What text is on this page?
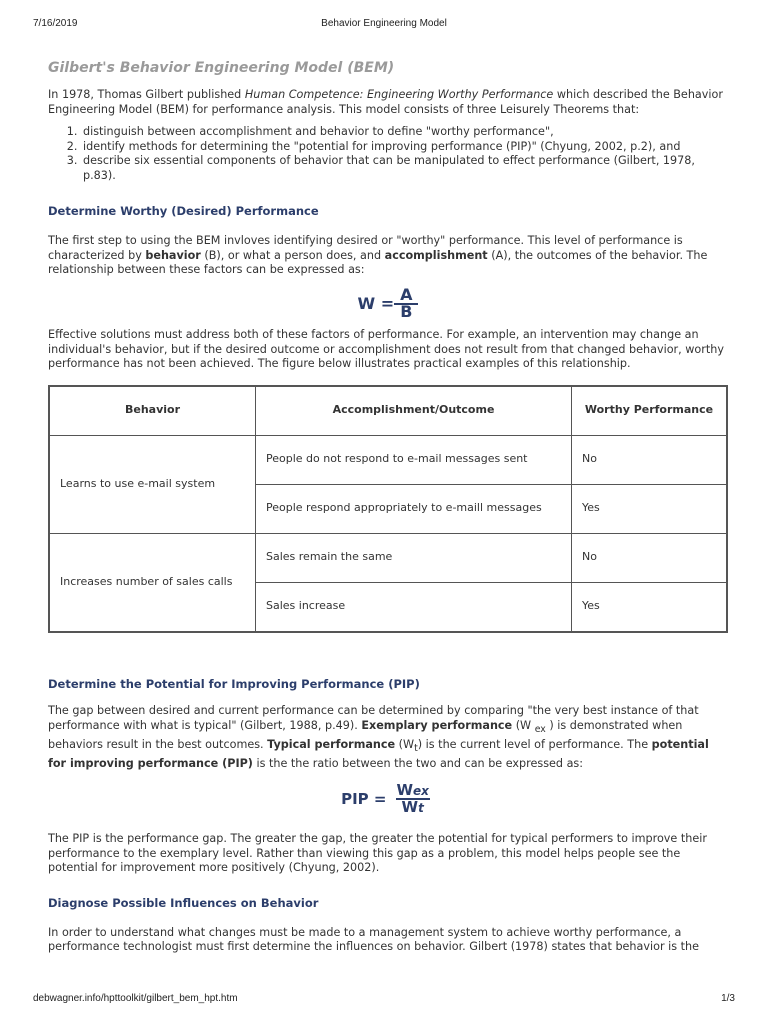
7/16/2019	Behavior Engineering Model
Gilbert's Behavior Engineering Model (BEM)

In 1978, Thomas Gilbert published Human Competence: Engineering Worthy Performance which described the Behavior Engineering Model (BEM) for performance analysis. This model consists of three Leisurely Theorems that:

1. distinguish between accomplishment and behavior to define "worthy performance",
2. identify methods for determining the "potential for improving performance (PIP)" (Chyung, 2002, p.2), and
3. describe six essential components of behavior that can be manipulated to effect performance (Gilbert, 1978, p.83).
Determine Worthy (Desired) Performance

The first step to using the BEM invloves identifying desired or "worthy" performance. This level of performance is characterized by behavior (B), or what a person does, and accomplishment (A), the outcomes of the behavior. The relationship between these factors can be expressed as:

$W = \frac{A}{B}$

Effective solutions must address both of these factors of performance. For example, an intervention may change an individual's behavior, but if the desired outcome or accomplishment does not result from that changed behavior, worthy performance has not been achieved. The figure below illustrates practical examples of this relationship.

Behavior	Accomplishment/Outcome	Worthy Performance
Learns to use e-mail system	People do not respond to e-mail messages sent	No
	People respond appropriately to e-maill messages	Yes
Increases number of sales calls	Sales remain the same	No
	Sales increase	Yes
Determine the Potential for Improving Performance (PIP)

The gap between desired and current performance can be determined by comparing "the very best instance of that performance with what is typical" (Gilbert, 1988, p.49). Exemplary performance (W $_{ex}$ ) is demonstrated when behaviors result in the best outcomes. Typical performance $(W_t)$ is the current level of performance. The potential for improving performance (PIP) is the the ratio between the two and can be expressed as:

PIP = $\frac{\text{Wex}}{Wt}$

The PIP is the performance gap. The greater the gap, the greater the potential for typical performers to improve their performance to the exemplary level. Rather than viewing this gap as a problem, this model helps people see the potential for improvement more positively (Chyung, 2002).

Diagnose Possible Influences on Behavior

In order to understand what changes must be made to a management system to achieve worthy performance, a performance technologist must first determine the influences on behavior. Gilbert (1978) states that behavior is the

debwagner.info/hpttoolkit/gilbert_bem_hpt.htm	1/3
